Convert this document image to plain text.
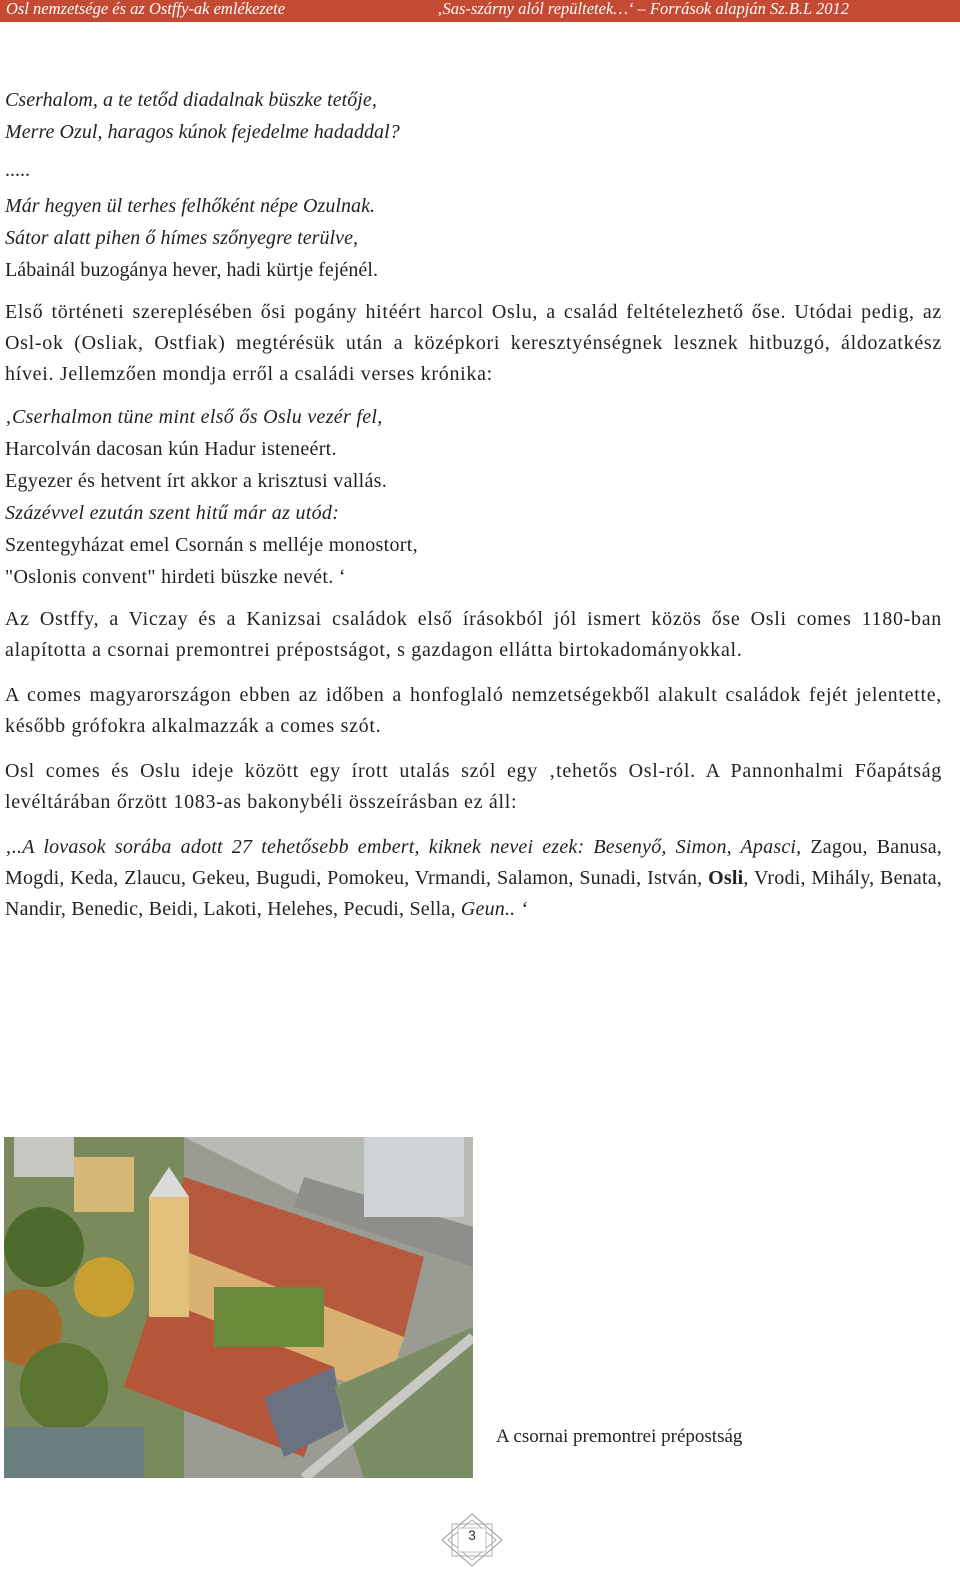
Osl nemzetsége és az Ostffy-ak emlékezete	‚Sas-szárny alól repültetek…‘ – Források alapján Sz.B.L 2012
Cserhalom, a te tetőd diadalnak büszke tetője,
Merre Ozul, haragos kúnok fejedelme hadaddal?
.....
Már hegyen ül terhes felhőként népe Ozulnak.
Sátor alatt pihen ő hímes szőnyegre terülve,
Lábainál buzogánya hever, hadi kürtje fejénél.
Első történeti szereplésében ősi pogány hitéért harcol Oslu, a család feltételezhető őse. Utódai pedig, az Osl-ok (Osliak, Ostfiak) megtérésük után a középkori keresztyénségnek lesznek hitbuzgó, áldozatkész hívei. Jellemzően mondja erről a családi verses krónika:
‚Cserhalmon tüne mint első ős Oslu vezér fel,
Harcolván dacosan kún Hadur isteneért.
Egyezer és hetvent írt akkor a krisztusi vallás.
Százévvel ezután szent hitű már az utód:
Szentegyházat emel Csornán s melléje monostort,
"Oslonis convent" hirdeti büszke nevét. ‘
Az Ostffy, a Viczay és a Kanizsai családok első írásokból jól ismert közös őse Osli comes 1180-ban alapította a csornai premontrei prépostságot, s gazdagon ellátta birtokadományokkal.
A comes magyarországon ebben az időben a honfoglaló nemzetségekből alakult családok fejét jelentette, később grófokra alkalmazzák a comes szót.
Osl comes és Oslu ideje között egy írott utalás szól egy ‚tehetős Osl-ról. A Pannonhalmi Főapátság levéltárában őrzött 1083-as bakonybéli összeírásban ez áll:
‚..A lovasok sorába adott 27 tehetősebb embert, kiknek nevei ezek: Besenyő, Simon, Apasci, Zagou, Banusa, Mogdi, Keda, Zlaucu, Gekeu, Bugudi, Pomokeu, Vrmandi, Salamon, Sunadi, István, Osli, Vrodi, Mihály, Benata, Nandir, Benedic, Beidi, Lakoti, Helehes, Pecudi, Sella, Geun.. ‘
A csornai premontrei prépostság
3
